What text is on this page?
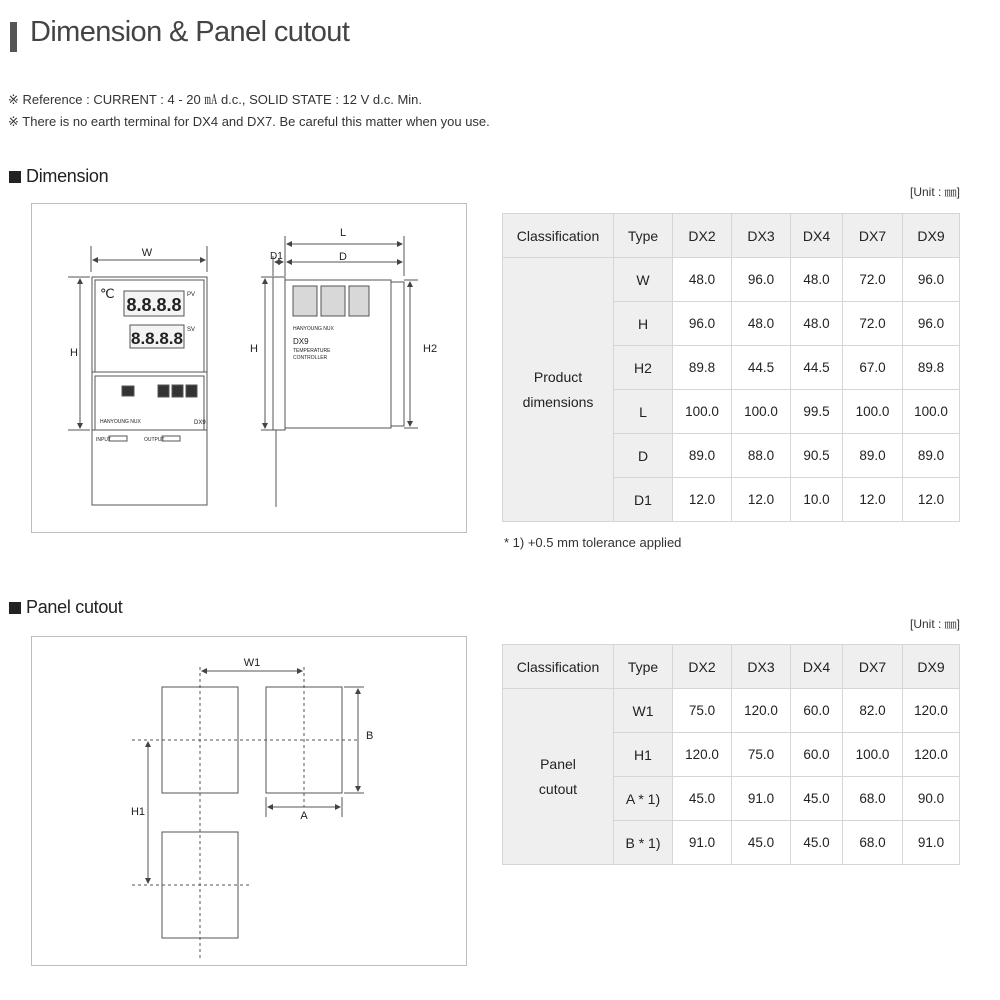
Dimension & Panel cutout
※ Reference : CURRENT : 4 - 20 ㎃ d.c., SOLID STATE : 12 V d.c. Min.
※ There is no earth terminal for DX4 and DX7. Be careful this matter when you use.
Dimension
[Unit : ㎜]
W
H
℃
8.8.8.8 PV
8.8.8.8 SV
HANYOUNG NUX	DX9
INPUT	OUTPUT
L
D1	D
H	H2
HANYOUNG NUX
DX9
TEMPERATURE
CONTROLLER
Classification	Type	DX2	DX3	DX4	DX7	DX9
Product
dimensions	W	48.0	96.0	48.0	72.0	96.0
	H	96.0	48.0	48.0	72.0	96.0
	H2	89.8	44.5	44.5	67.0	89.8
	L	100.0	100.0	99.5	100.0	100.0
	D	89.0	88.0	90.5	89.0	89.0
	D1	12.0	12.0	10.0	12.0	12.0
* 1) +0.5 mm tolerance applied
Panel cutout
[Unit : ㎜]
W1
H1	A
B
Classification	Type	DX2	DX3	DX4	DX7	DX9
Panel
cutout	W1	75.0	120.0	60.0	82.0	120.0
	H1	120.0	75.0	60.0	100.0	120.0
	A * 1)	45.0	91.0	45.0	68.0	90.0
	B * 1)	91.0	45.0	45.0	68.0	91.0
